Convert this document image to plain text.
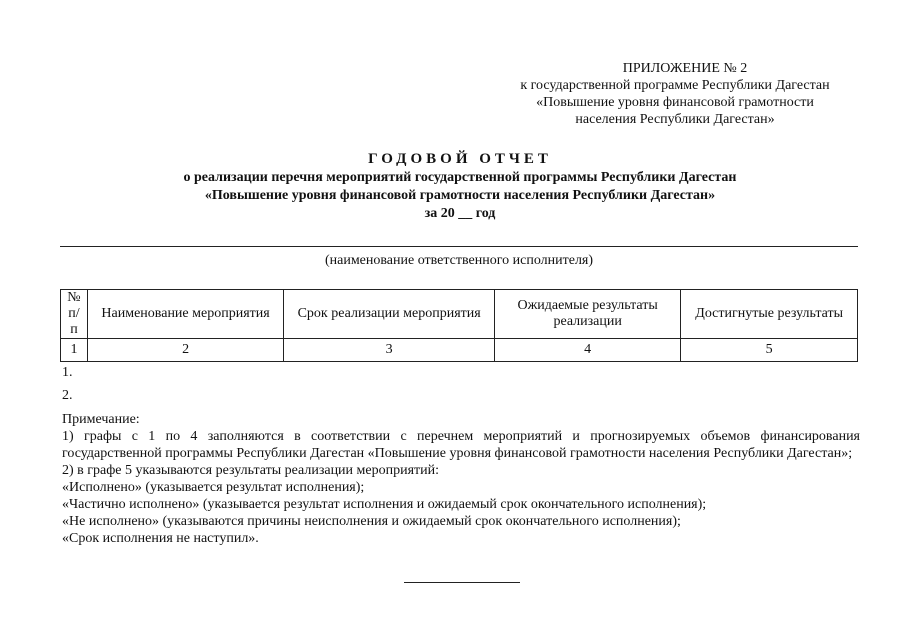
ПРИЛОЖЕНИЕ № 2
к государственной программе Республики Дагестан
«Повышение уровня финансовой грамотности
населения Республики Дагестан»
ГОДОВОЙ ОТЧЕТ
о реализации перечня мероприятий государственной программы Республики Дагестан
«Повышение уровня финансовой грамотности населения Республики Дагестан»
за 20 __ год
(наименование ответственного исполнителя)
№ п/п	Наименование мероприятия	Срок реализации мероприятия	Ожидаемые результаты реализации	Достигнутые результаты
1	2	3	4	5
1.
2.
Примечание:
1) графы с 1 по 4 заполняются в соответствии с перечнем мероприятий и прогнозируемых объемов финансирования государственной программы Республики Дагестан «Повышение уровня финансовой грамотности населения Республики Дагестан»;
2) в графе 5 указываются результаты реализации мероприятий:
«Исполнено» (указывается результат исполнения);
«Частично исполнено» (указывается результат исполнения и ожидаемый срок окончательного исполнения);
«Не исполнено» (указываются причины неисполнения и ожидаемый срок окончательного исполнения);
«Срок исполнения не наступил».
